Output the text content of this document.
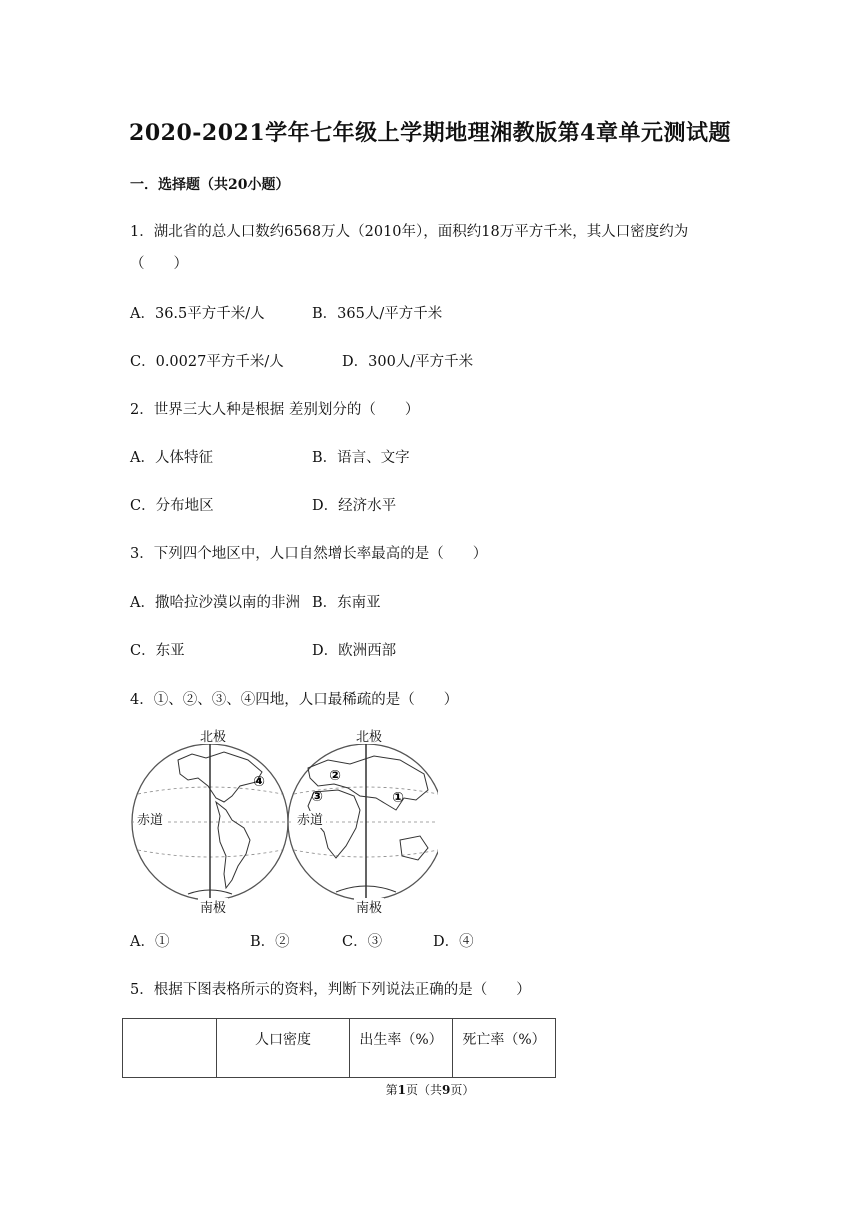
2020-2021学年七年级上学期地理湘教版第4章单元测试题
一．选择题（共20小题）
1．湖北省的总人口数约6568万人（2010年），面积约18万平方千米，其人口密度约为
（　　）
A．36.5平方千米/人	B．365人/平方千米
C．0.0027平方千米/人	D．300人/平方千米
2．世界三大人种是根据 差别划分的（　　）
A．人体特征	B．语言、文字
C．分布地区	D．经济水平
3．下列四个地区中，人口自然增长率最高的是（　　）
A．撒哈拉沙漠以南的非洲 B．东南亚
C．东亚	D．欧洲西部
4．①、②、③、④四地，人口最稀疏的是（　　）
北极	北极
南极	南极
赤道	赤道
①
②
③
④
A．①	B．②	C．③	D．④
5．根据下图表格所示的资料，判断下列说法正确的是（　　）
	人口密度	出生率（%）	死亡率（%）
第1页（共9页）
